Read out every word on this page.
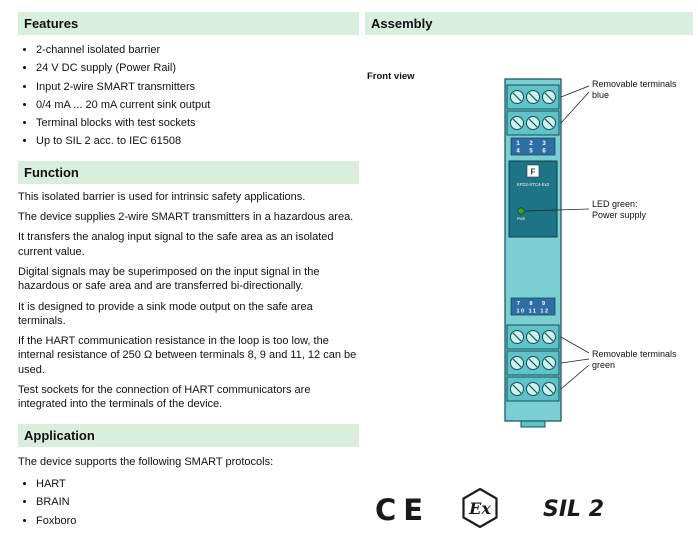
Features
• 2-channel isolated barrier
• 24 V DC supply (Power Rail)
• Input 2-wire SMART transmitters
• 0/4 mA ... 20 mA current sink output
• Terminal blocks with test sockets
• Up to SIL 2 acc. to IEC 61508
Function

This isolated barrier is used for intrinsic safety applications.

The device supplies 2-wire SMART transmitters in a hazardous area.

It transfers the analog input signal to the safe area as an isolated current value.

Digital signals may be superimposed on the input signal in the hazardous or safe area and are transferred bi-directionally.

It is designed to provide a sink mode output on the safe area terminals.

If the HART communication resistance in the loop is too low, the internal resistance of 250 Ω between terminals 8, 9 and 11, 12 can be used.

Test sockets for the connection of HART communicators are integrated into the terminals of the device.

Application

The device supports the following SMART protocols:

• HART
• BRAIN
• Foxboro
Assembly
Front view
1 2 3
4 5 6
F
KFD2-STC4-Ex2
PWR
7 8 9
10 11 12
Removable terminals
blue
LED green:
Power supply
Removable terminals
green
CE Ex SIL 2
